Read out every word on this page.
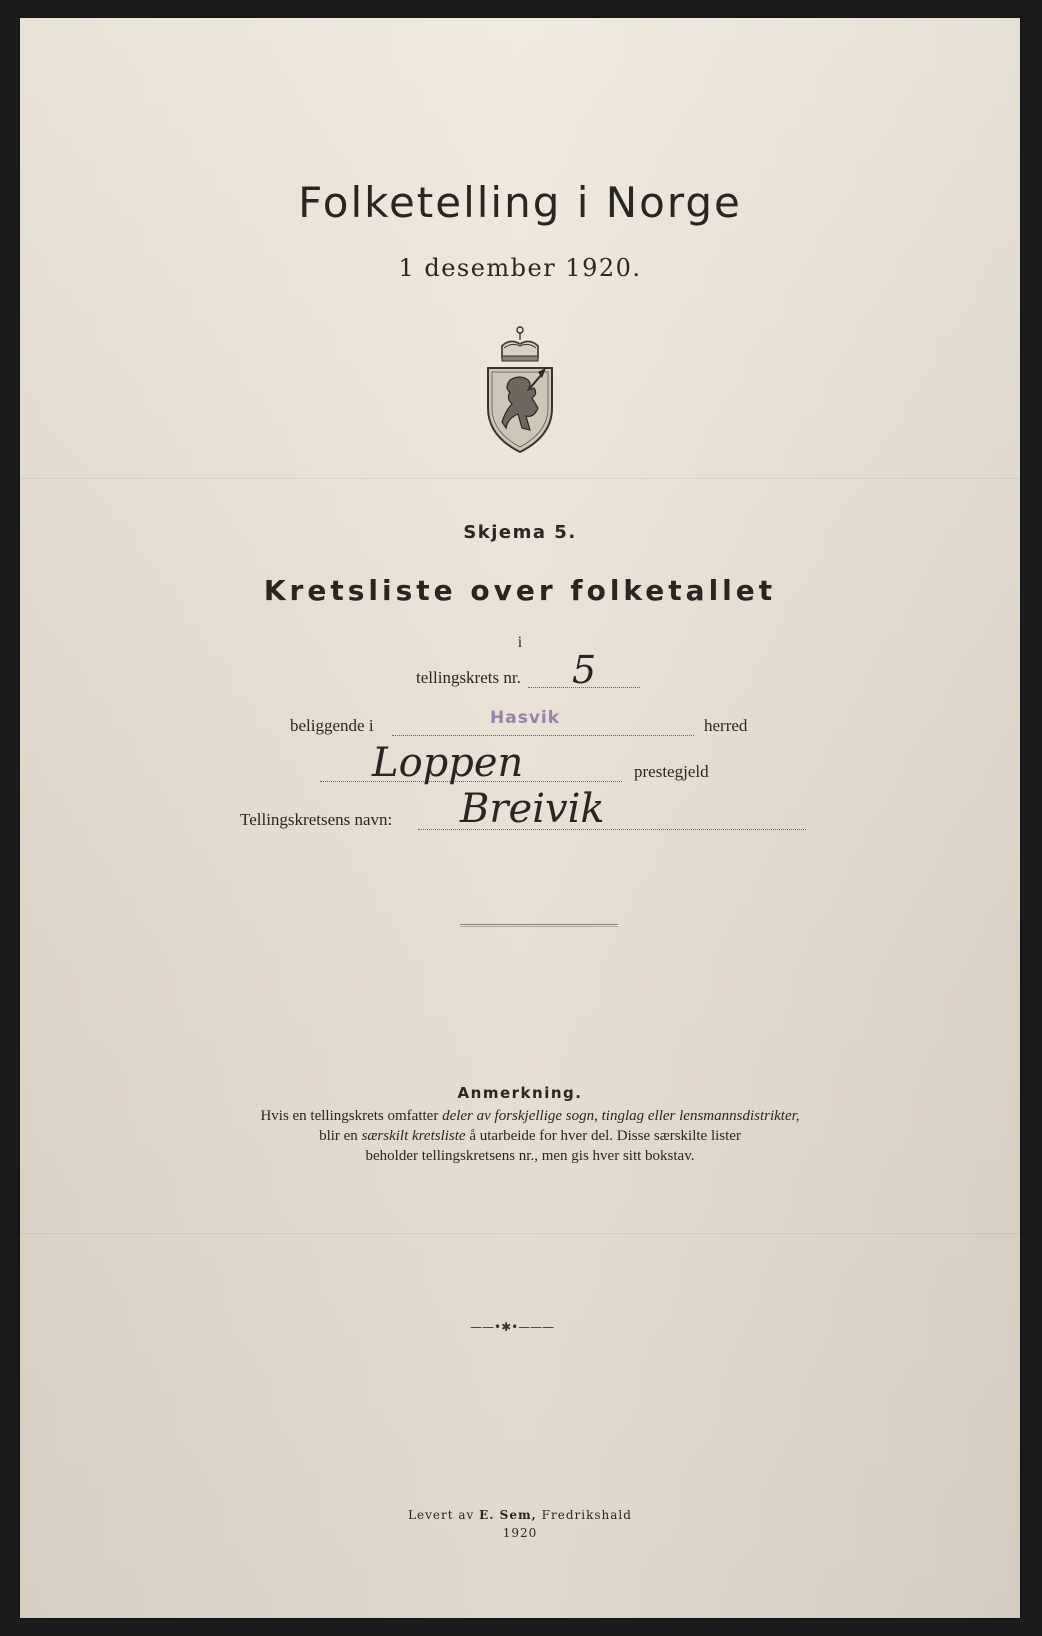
Folketelling i Norge
1 desember 1920.
Skjema 5.
Kretsliste over folketallet
i
tellingskrets nr. 5
beliggende i	Hasvik	herred
Loppen	prestegjeld
Tellingskretsens navn: Breivik
Anmerkning.
Hvis en tellingskrets omfatter deler av forskjellige sogn, tinglag eller lensmannsdistrikter,
blir en særskilt kretsliste å utarbeide for hver del. Disse særskilte lister
beholder tellingskretsens nr., men gis hver sitt bokstav.
——•✱•———
Levert av E. Sem, Fredrikshald
1920
